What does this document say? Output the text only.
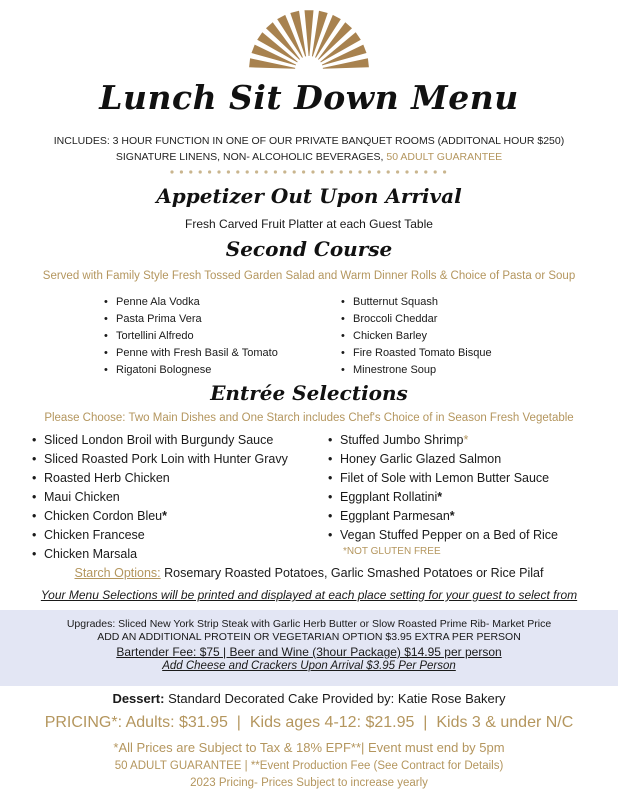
Lunch Sit Down Menu
INCLUDES: 3 HOUR FUNCTION IN ONE OF OUR PRIVATE BANQUET ROOMS (ADDITONAL HOUR $250)
SIGNATURE LINENS, NON- ALCOHOLIC BEVERAGES, 50 ADULT GUARANTEE
Appetizer Out Upon Arrival
Fresh Carved Fruit Platter at each Guest Table
Second Course
Served with Family Style Fresh Tossed Garden Salad and Warm Dinner Rolls & Choice of Pasta or Soup
• Penne Ala Vodka
• Pasta Prima Vera
• Tortellini Alfredo
• Penne with Fresh Basil & Tomato
• Rigatoni Bolognese
• Butternut Squash
• Broccoli Cheddar
• Chicken Barley
• Fire Roasted Tomato Bisque
• Minestrone Soup
Entrée Selections
Please Choose: Two Main Dishes and One Starch includes Chef's Choice of in Season Fresh Vegetable
• Sliced London Broil with Burgundy Sauce
• Sliced Roasted Pork Loin with Hunter Gravy
• Roasted Herb Chicken
• Maui Chicken
• Chicken Cordon Bleu*
• Chicken Francese
• Chicken Marsala
• Stuffed Jumbo Shrimp*
• Honey Garlic Glazed Salmon
• Filet of Sole with Lemon Butter Sauce
• Eggplant Rollatini*
• Eggplant Parmesan*
• Vegan Stuffed Pepper on a Bed of Rice
*NOT GLUTEN FREE
Starch Options: Rosemary Roasted Potatoes, Garlic Smashed Potatoes or Rice Pilaf
Your Menu Selections will be printed and displayed at each place setting for your guest to select from
Upgrades: Sliced New York Strip Steak with Garlic Herb Butter or Slow Roasted Prime Rib- Market Price
ADD AN ADDITIONAL PROTEIN OR VEGETARIAN OPTION $3.95 EXTRA PER PERSON
Bartender Fee: $75 | Beer and Wine (3hour Package) $14.95 per person
Add Cheese and Crackers Upon Arrival $3.95 Per Person
Dessert: Standard Decorated Cake Provided by: Katie Rose Bakery
PRICING*: Adults: $31.95  |  Kids ages 4-12: $21.95  |  Kids 3 & under N/C
*All Prices are Subject to Tax & 18% EPF**| Event must end by 5pm
50 ADULT GUARANTEE | **Event Production Fee (See Contract for Details)
2023 Pricing- Prices Subject to increase yearly
